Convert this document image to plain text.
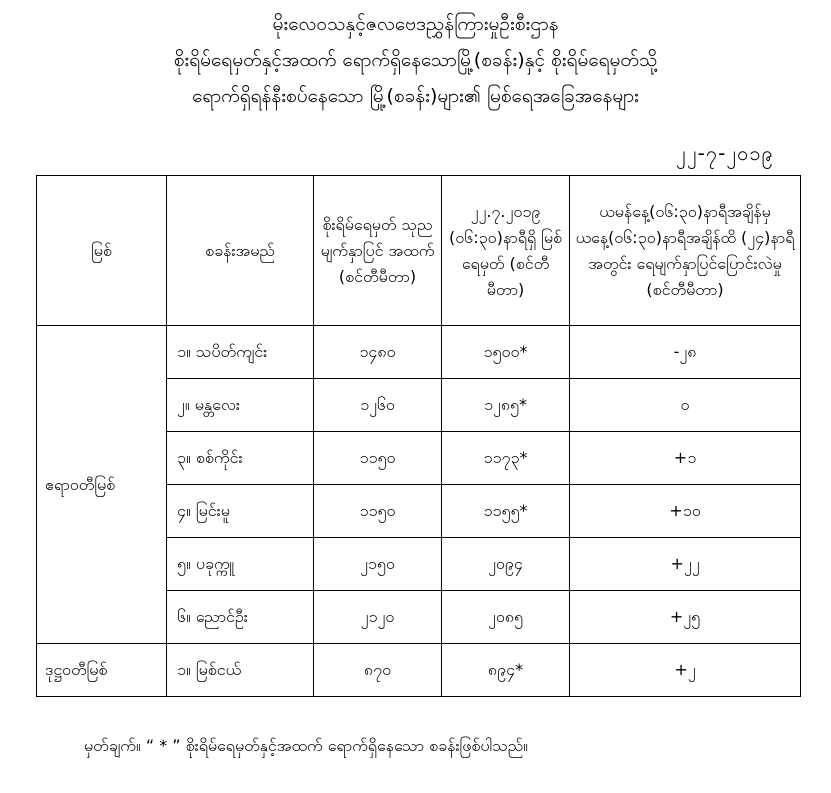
မိုးလေဝသနှင့်ဇလဗေဒညွှန်ကြားမှုဦးစီးဌာန
စိုးရိမ်ရေမှတ်နှင့်အထက် ရောက်ရှိနေသောမြို့(စခန်း)နှင့် စိုးရိမ်ရေမှတ်သို့
ရောက်ရှိရန်နီးစပ်နေသော မြို့(စခန်း)များ၏ မြစ်ရေအခြေအနေများ
၂၂-၇-၂၀၁၉
မြစ်	စခန်းအမည်	စိုးရိမ်ရေမှတ် သုညမျက်နှာပြင် အထက် (စင်တီမီတာ)	၂၂.၇.၂၀၁၉ (၀၆:၃၀)နာရီရှိ မြစ်ရေမှတ် (စင်တီမီတာ)	ယမန်နေ့(၀၆:၃၀)နာရီအချိန်မှ ယနေ့(၀၆:၃၀)နာရီအချိန်ထိ (၂၄)နာရီအတွင်း ရေမျက်နှာပြင်ပြောင်းလဲမှု (စင်တီမီတာ)
ဧရာဝတီမြစ်	၁။ သပိတ်ကျင်း	၁၄၈၀	၁၅၀၀*	-၂၈
	၂။ မန္တလေး	၁၂၆၀	၁၂၈၅*	၀
	၃။ စစ်ကိုင်း	၁၁၅၀	၁၁၇၃*	+၁
	၄။ မြင်းမူ	၁၁၅၀	၁၁၅၅*	+၁၀
	၅။ ပခုက္ကူ	၂၁၅၀	၂၀၉၄	+၂၂
	၆။ ညောင်ဦး	၂၁၂၀	၂၀၈၅	+၂၅
ဒုဋ္ဌဝတီမြစ်	၁။ မြစ်ငယ်	၈၇၀	၈၉၄*	+၂
မှတ်ချက်။ “ * ” စိုးရိမ်ရေမှတ်နှင့်အထက် ရောက်ရှိနေသော စခန်းဖြစ်ပါသည်။
